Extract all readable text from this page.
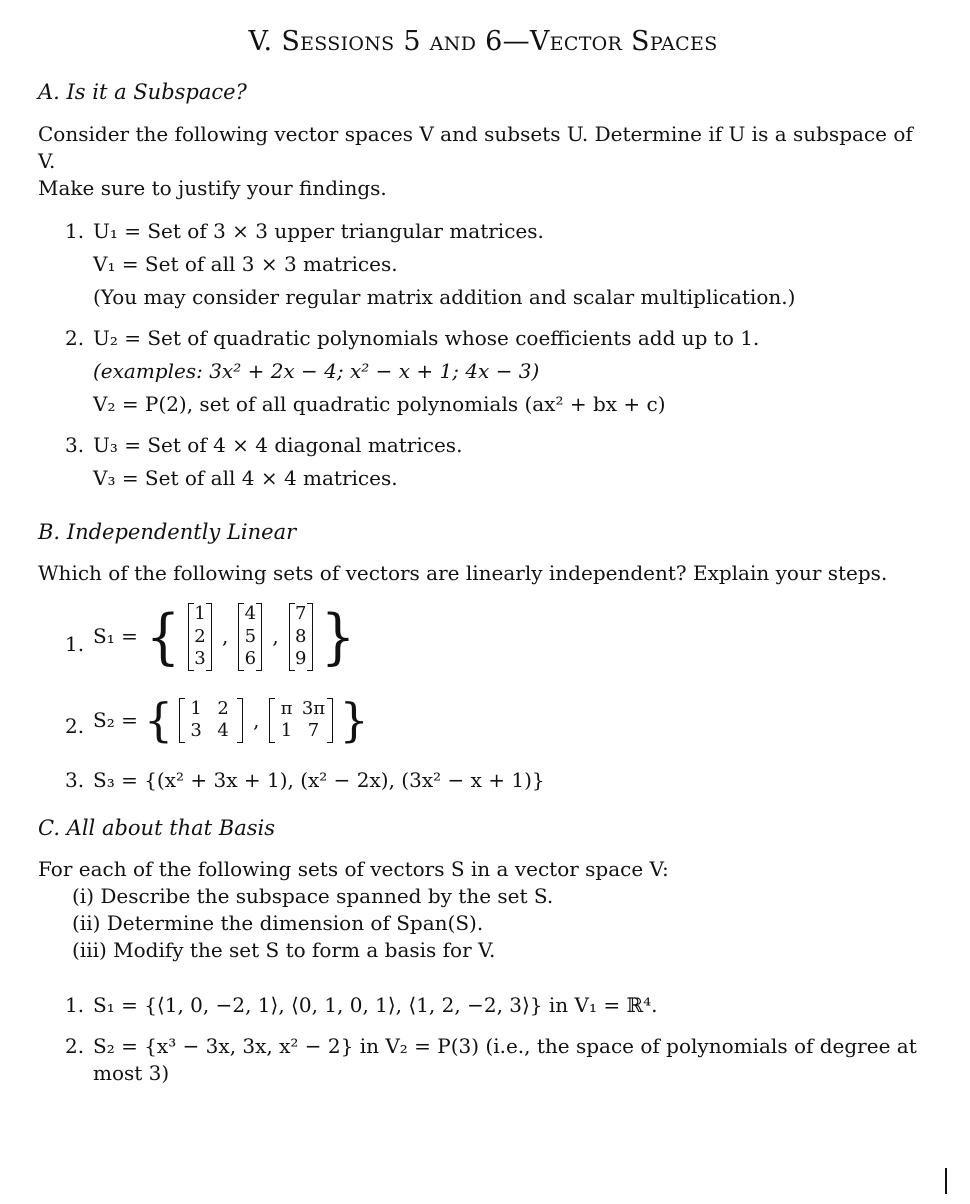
V. Sessions 5 and 6—Vector Spaces
A. Is it a Subspace?

Consider the following vector spaces V and subsets U. Determine if U is a subspace of V.

Make sure to justify your findings.

1. U₁ = Set of 3 × 3 upper triangular matrices.
V₁ = Set of all 3 × 3 matrices.
(You may consider regular matrix addition and scalar multiplication.)
2. U₂ = Set of quadratic polynomials whose coefficients add up to 1.
(examples: 3x² + 2x − 4; x² − x + 1; 4x − 3)
V₂ = P(2), set of all quadratic polynomials (ax² + bx + c)
3. U₃ = Set of 4 × 4 diagonal matrices.
V₃ = Set of all 4 × 4 matrices.
B. Independently Linear
Which of the following sets of vectors are linearly independent? Explain your steps.
1. S₁ = { 1
2
3
,
4
5
6
,
7
8
9 }
2. S₂ = { 1 2
3 4	,	π 3π
1 7 }
3. S₃ = {(x² + 3x + 1), (x² − 2x), (3x² − x + 1)}
C. All about that Basis

For each of the following sets of vectors S in a vector space V:

(i) Describe the subspace spanned by the set S.

(ii) Determine the dimension of Span(S).

(iii) Modify the set S to form a basis for V.

1. S₁ = {⟨1, 0, −2, 1⟩, ⟨0, 1, 0, 1⟩, ⟨1, 2, −2, 3⟩} in V₁ = ℝ⁴.
2. S₂ = {x³ − 3x, 3x, x² − 2} in V₂ = P(3) (i.e., the space of polynomials of degree at most 3)
